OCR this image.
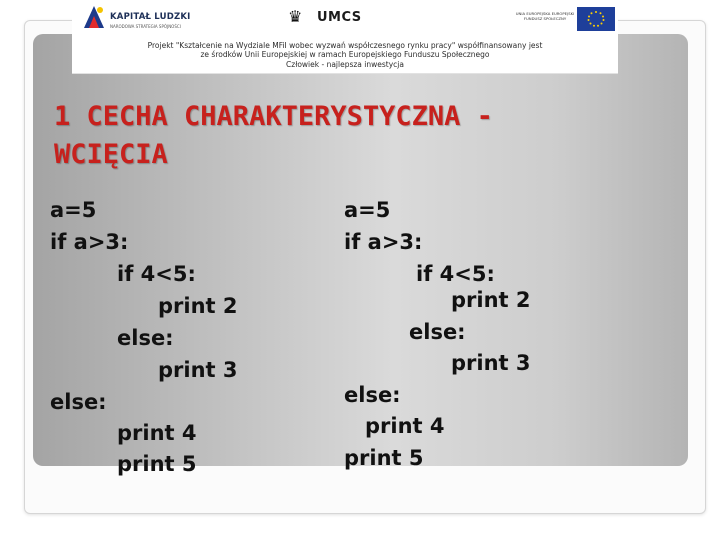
KAPITAŁ LUDZKI
NARODOWA STRATEGIA SPÓJNOŚCI
♛ UMCS	UNIA EUROPEJSKA EUROPEJSKI FUNDUSZ SPOŁECZNY
Projekt "Kształcenie na Wydziale MFiI wobec wyzwań współczesnego rynku pracy" współfinansowany jest
ze środków Unii Europejskiej w ramach Europejskiego Funduszu Społecznego
Człowiek - najlepsza inwestycja
1 CECHA CHARAKTERYSTYCZNA -
WCIĘCIA
a=5
if a>3:
if 4<5:
print 2
else:
print 3
else:
print 4
print 5
a=5
if a>3:
if 4<5:
print 2
else:
print 3
else:
print 4
print 5
